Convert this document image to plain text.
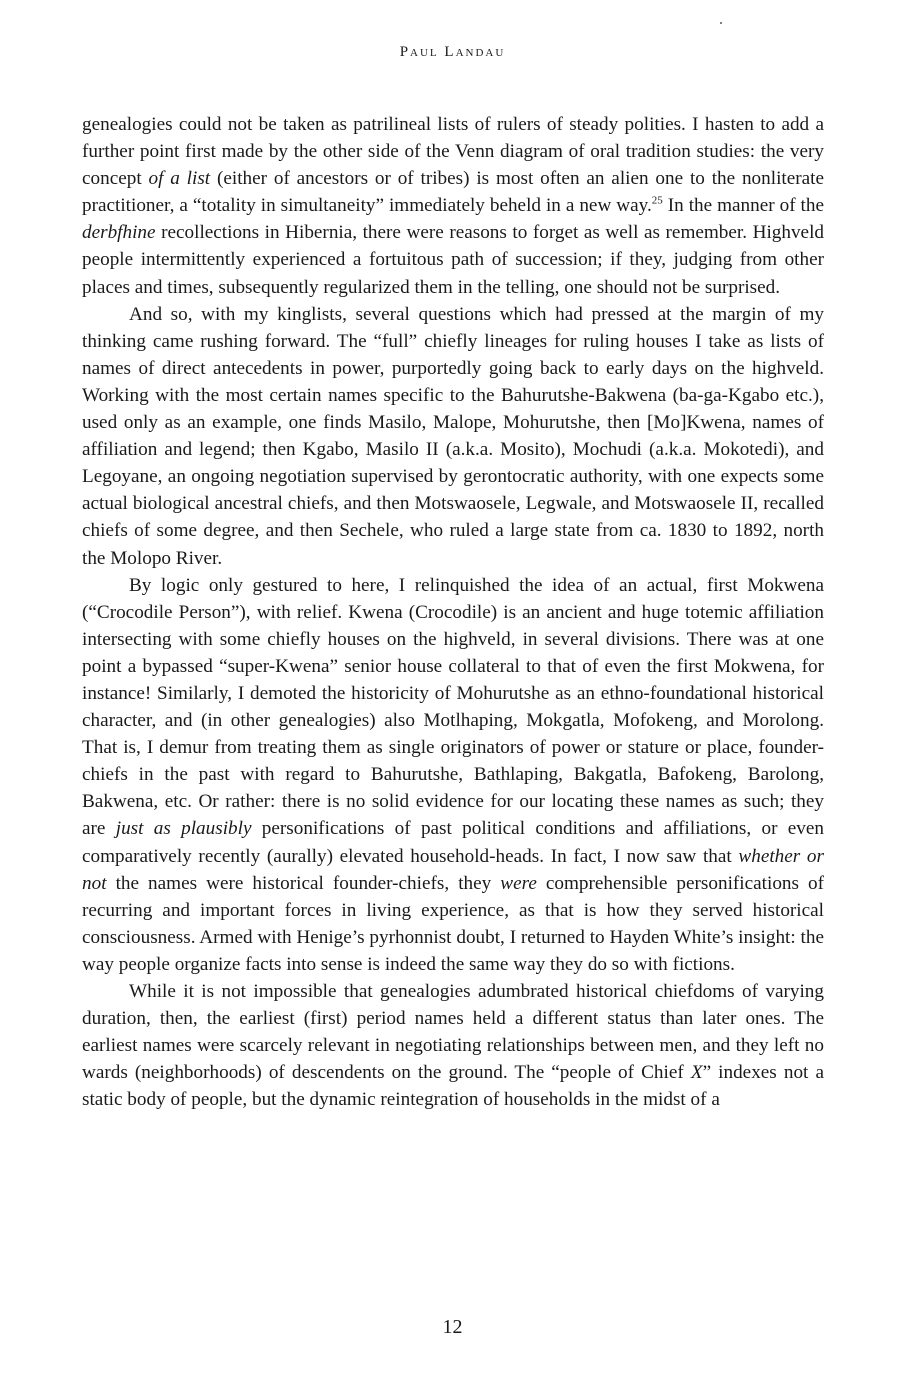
Paul Landau

genealogies could not be taken as patrilineal lists of rulers of steady polities. I hasten to add a further point first made by the other side of the Venn diagram of oral tradition studies: the very concept of a list (either of ancestors or of tribes) is most often an alien one to the nonliterate practitioner, a “totality in simultaneity” immediately beheld in a new way.$^{25}$ In the manner of the derbfhine recollections in Hibernia, there were reasons to forget as well as remember. Highveld people intermittently experienced a fortuitous path of succession; if they, judging from other places and times, subsequently regularized them in the telling, one should not be surprised.

And so, with my kinglists, several questions which had pressed at the margin of my thinking came rushing forward. The “full” chiefly lineages for ruling houses I take as lists of names of direct antecedents in power, purportedly going back to early days on the highveld. Working with the most certain names specific to the Bahurutshe-Bakwena (ba-ga-Kgabo etc.), used only as an example, one finds Masilo, Malope, Mohurutshe, then [Mo]Kwena, names of affiliation and legend; then Kgabo, Masilo II (a.k.a. Mosito), Mochudi (a.k.a. Mokotedi), and Legoyane, an ongoing negotiation supervised by gerontocratic authority, with one expects some actual biological ancestral chiefs, and then Motswaosele, Legwale, and Motswaosele II, recalled chiefs of some degree, and then Sechele, who ruled a large state from ca. 1830 to 1892, north the Molopo River.

By logic only gestured to here, I relinquished the idea of an actual, first Mokwena (“Crocodile Person”), with relief. Kwena (Crocodile) is an ancient and huge totemic affiliation intersecting with some chiefly houses on the highveld, in several divisions. There was at one point a bypassed “super-Kwena” senior house collateral to that of even the first Mokwena, for instance! Similarly, I demoted the historicity of Mohurutshe as an ethno-foundational historical character, and (in other genealogies) also Motlhaping, Mokgatla, Mofokeng, and Morolong. That is, I demur from treating them as single originators of power or stature or place, founder-chiefs in the past with regard to Bahurutshe, Bathlaping, Bakgatla, Bafokeng, Barolong, Bakwena, etc. Or rather: there is no solid evidence for our locating these names as such; they are just as plausibly personifications of past political conditions and affiliations, or even comparatively recently (aurally) elevated household-heads. In fact, I now saw that whether or not the names were historical founder-chiefs, they were comprehensible personifications of recurring and important forces in living experience, as that is how they served historical consciousness. Armed with Henige’s pyrhonnist doubt, I returned to Hayden White’s insight: the way people organize facts into sense is indeed the same way they do so with fictions.

While it is not impossible that genealogies adumbrated historical chiefdoms of varying duration, then, the earliest (first) period names held a different status than later ones. The earliest names were scarcely relevant in negotiating relationships between men, and they left no wards (neighborhoods) of descendents on the ground. The “people of Chief X” indexes not a static body of people, but the dynamic reintegration of households in the midst of a

12
